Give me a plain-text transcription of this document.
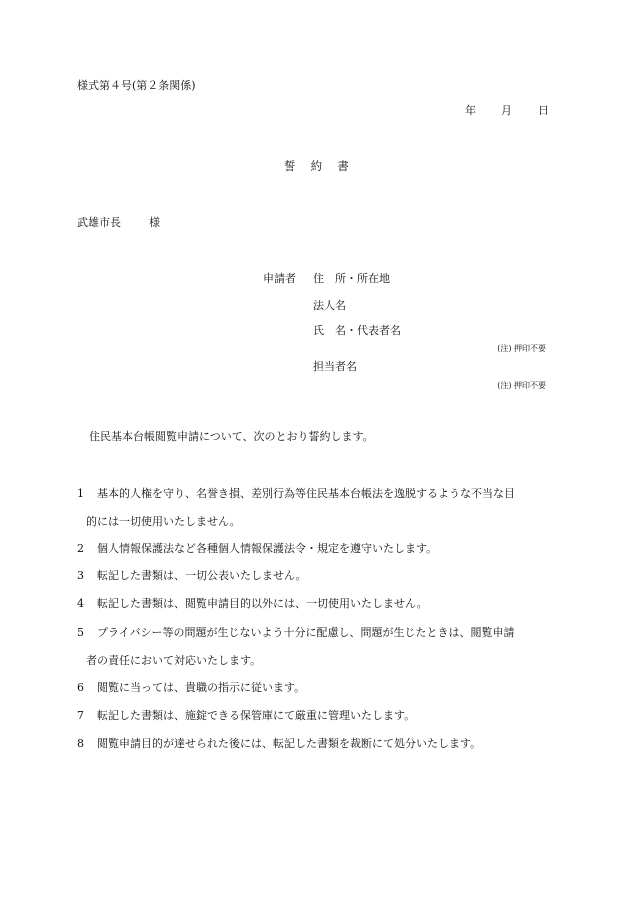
様式第４号(第２条関係)
年 月 日
誓 約 書
武雄市長	様
申請者 住　所・所在地
法人名
氏　名・代表者名
(注) 押印不要
担当者名
(注) 押印不要
住民基本台帳閲覧申請について、次のとおり誓約します。
1 基本的人権を守り、名誉き損、差別行為等住民基本台帳法を逸脱するような不当な目
的には一切使用いたしません。
2 個人情報保護法など各種個人情報保護法令・規定を遵守いたします。
3 転記した書類は、一切公表いたしません。
4 転記した書類は、閲覧申請目的以外には、一切使用いたしません。
5 プライバシー等の問題が生じないよう十分に配慮し、問題が生じたときは、閲覧申請
者の責任において対応いたします。
6 閲覧に当っては、貴職の指示に従います。
7 転記した書類は、施錠できる保管庫にて厳重に管理いたします。
8 閲覧申請目的が達せられた後には、転記した書類を裁断にて処分いたします。
